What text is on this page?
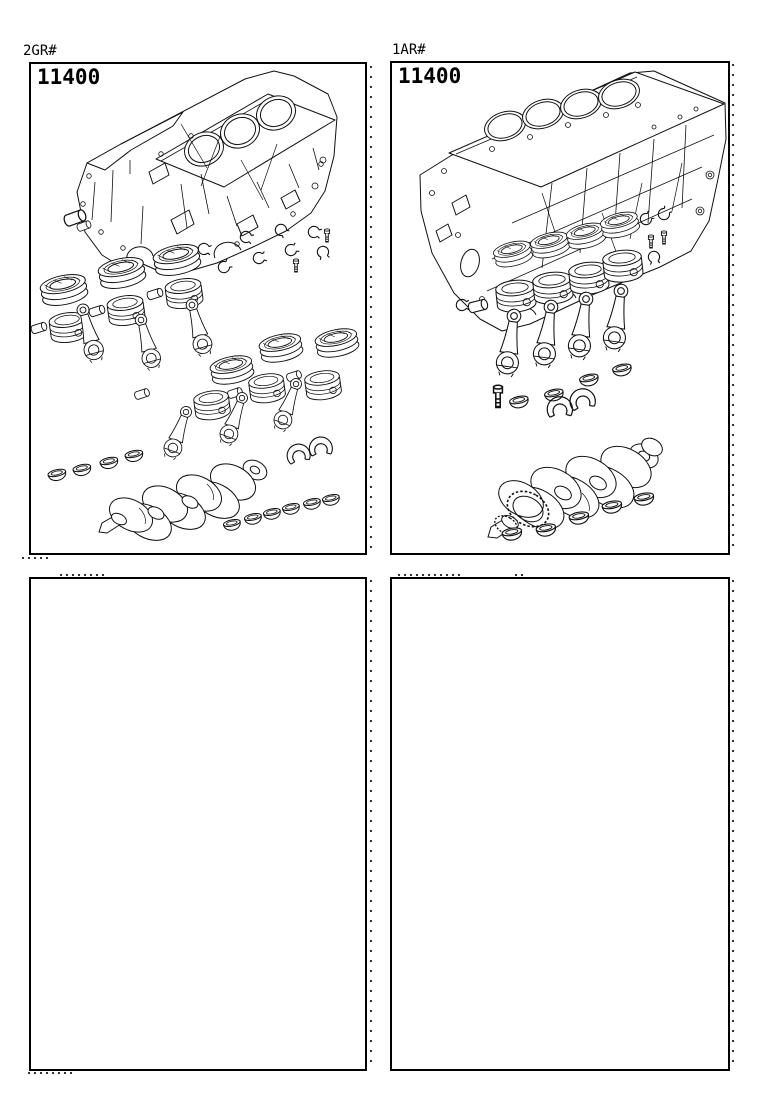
2GR#	1AR#
11400	11400
